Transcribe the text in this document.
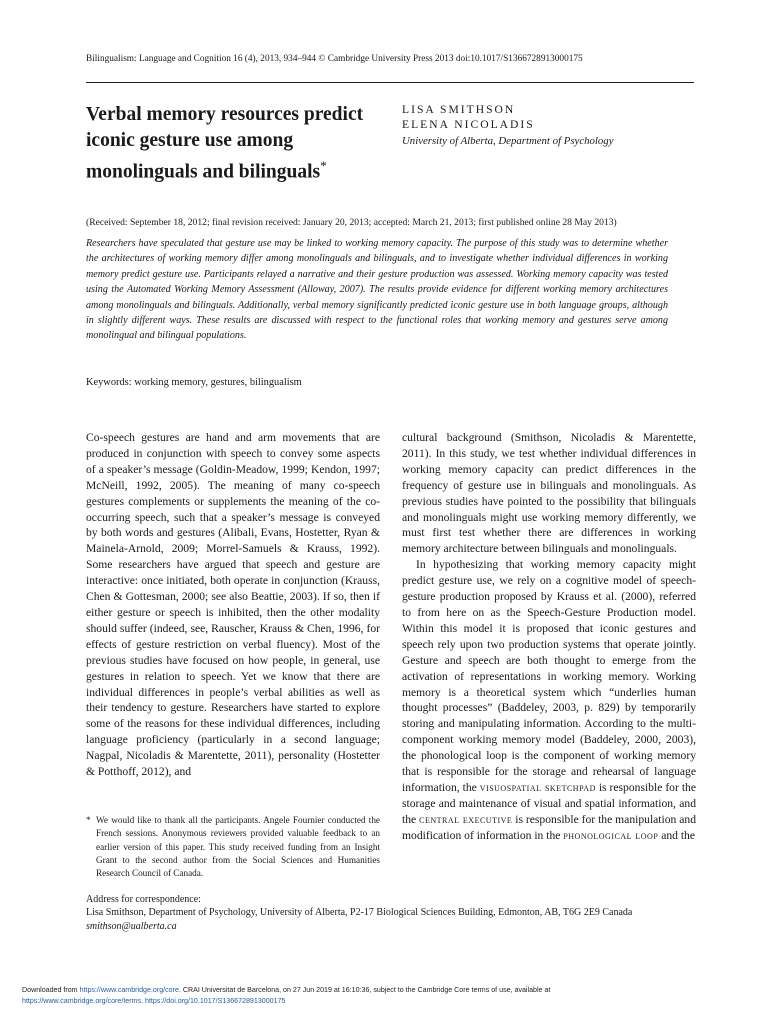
Bilingualism: Language and Cognition 16 (4), 2013, 934–944 © Cambridge University Press 2013 doi:10.1017/S1366728913000175
Verbal memory resources predict iconic gesture use among monolinguals and bilinguals*
LISA SMITHSON
ELENA NICOLADIS
University of Alberta, Department of Psychology
(Received: September 18, 2012; final revision received: January 20, 2013; accepted: March 21, 2013; first published online 28 May 2013)
Researchers have speculated that gesture use may be linked to working memory capacity. The purpose of this study was to determine whether the architectures of working memory differ among monolinguals and bilinguals, and to investigate whether individual differences in working memory predict gesture use. Participants relayed a narrative and their gesture production was assessed. Working memory capacity was tested using the Automated Working Memory Assessment (Alloway, 2007). The results provide evidence for different working memory architectures among monolinguals and bilinguals. Additionally, verbal memory significantly predicted iconic gesture use in both language groups, although in slightly different ways. These results are discussed with respect to the functional roles that working memory and gestures serve among monolingual and bilingual populations.
Keywords: working memory, gestures, bilingualism

Co-speech gestures are hand and arm movements that are produced in conjunction with speech to convey some aspects of a speaker’s message (Goldin-Meadow, 1999; Kendon, 1997; McNeill, 1992, 2005). The meaning of many co-speech gestures complements or supplements the meaning of the co-occurring speech, such that a speaker’s message is conveyed by both words and gestures (Alibali, Evans, Hostetter, Ryan & Mainela-Arnold, 2009; Morrel-Samuels & Krauss, 1992). Some researchers have argued that speech and gesture are interactive: once initiated, both operate in conjunction (Krauss, Chen & Gottesman, 2000; see also Beattie, 2003). If so, then if either gesture or speech is inhibited, then the other modality should suffer (indeed, see, Rauscher, Krauss & Chen, 1996, for effects of gesture restriction on verbal fluency). Most of the previous studies have focused on how people, in general, use gestures in relation to speech. Yet we know that there are individual differences in people’s verbal abilities as well as their tendency to gesture. Researchers have started to explore some of the reasons for these individual differences, including language proficiency (particularly in a second language; Nagpal, Nicoladis & Marentette, 2011), personality (Hostetter & Potthoff, 2012), and

cultural background (Smithson, Nicoladis & Marentette, 2011). In this study, we test whether individual differences in working memory capacity can predict differences in the frequency of gesture use in bilinguals and monolinguals. As previous studies have pointed to the possibility that bilinguals and monolinguals might use working memory differently, we must first test whether there are differences in working memory architecture between bilinguals and monolinguals.

In hypothesizing that working memory capacity might predict gesture use, we rely on a cognitive model of speech-gesture production proposed by Krauss et al. (2000), referred to from here on as the Speech-Gesture Production model. Within this model it is proposed that iconic gestures and speech rely upon two production systems that operate jointly. Gesture and speech are both thought to emerge from the activation of representations in working memory. Working memory is a theoretical system which “underlies human thought processes” (Baddeley, 2003, p. 829) by temporarily storing and manipulating information. According to the multi-component working memory model (Baddeley, 2000, 2003), the phonological loop is the component of working memory that is responsible for the storage and rehearsal of language information, the visuospatial sketchpad is responsible for the storage and maintenance of visual and spatial information, and the central executive is responsible for the manipulation and modification of information in the phonological loop and the

* We would like to thank all the participants. Angele Fournier conducted the French sessions. Anonymous reviewers provided valuable feedback to an earlier version of this paper. This study received funding from an Insight Grant to the second author from the Social Sciences and Humanities Research Council of Canada.
Address for correspondence:
Lisa Smithson, Department of Psychology, University of Alberta, P2-17 Biological Sciences Building, Edmonton, AB, T6G 2E9 Canada
smithson@ualberta.ca
Downloaded from https://www.cambridge.org/core. CRAI Universitat de Barcelona, on 27 Jun 2019 at 16:10:36, subject to the Cambridge Core terms of use, available at
https://www.cambridge.org/core/terms. https://doi.org/10.1017/S1366728913000175
